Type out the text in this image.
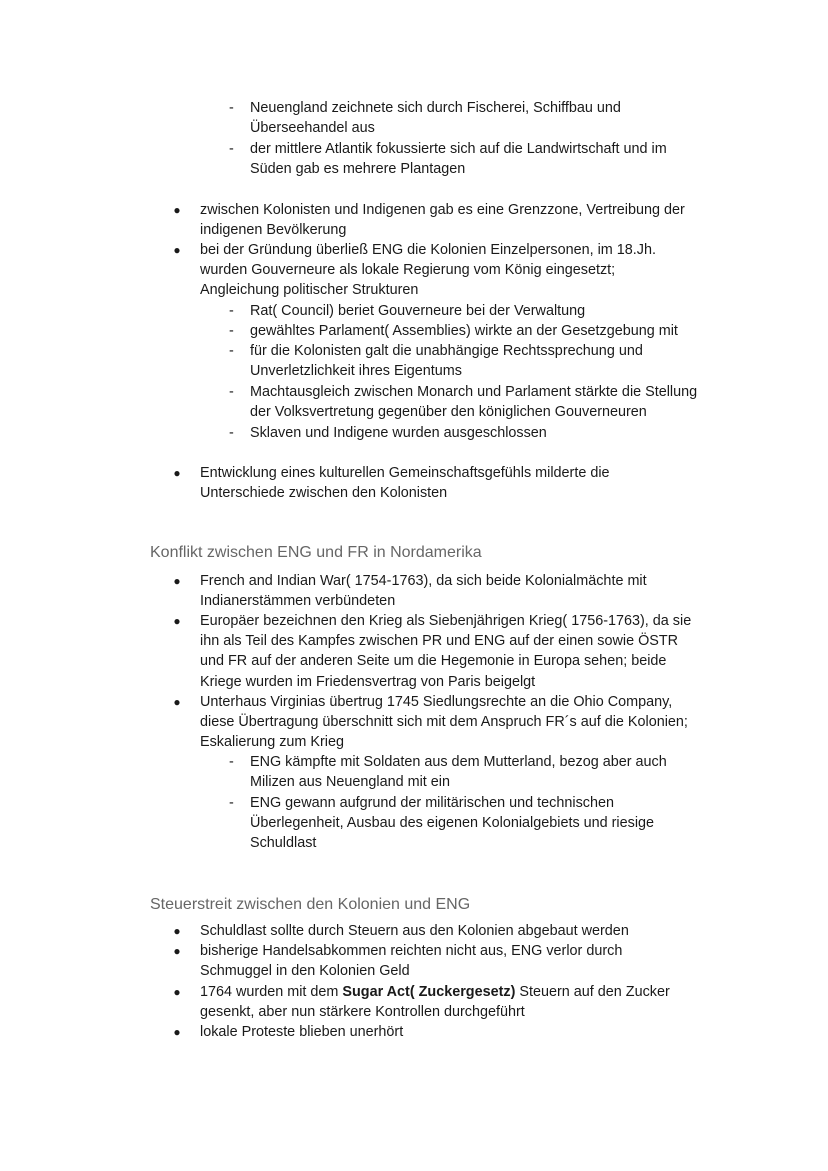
- Neuengland zeichnete sich durch Fischerei, Schiffbau und
Überseehandel aus
- der mittlere Atlantik fokussierte sich auf die Landwirtschaft und im
Süden gab es mehrere Plantagen
● zwischen Kolonisten und Indigenen gab es eine Grenzzone, Vertreibung der
indigenen Bevölkerung
● bei der Gründung überließ ENG die Kolonien Einzelpersonen, im 18.Jh.
wurden Gouverneure als lokale Regierung vom König eingesetzt;
Angleichung politischer Strukturen
- Rat( Council) beriet Gouverneure bei der Verwaltung
- gewähltes Parlament( Assemblies) wirkte an der Gesetzgebung mit
- für die Kolonisten galt die unabhängige Rechtssprechung und
Unverletzlichkeit ihres Eigentums
- Machtausgleich zwischen Monarch und Parlament stärkte die Stellung
der Volksvertretung gegenüber den königlichen Gouverneuren
- Sklaven und Indigene wurden ausgeschlossen
● Entwicklung eines kulturellen Gemeinschaftsgefühls milderte die
Unterschiede zwischen den Kolonisten
Konflikt zwischen ENG und FR in Nordamerika
● French and Indian War( 1754-1763), da sich beide Kolonialmächte mit
Indianerstämmen verbündeten
● Europäer bezeichnen den Krieg als Siebenjährigen Krieg( 1756-1763), da sie
ihn als Teil des Kampfes zwischen PR und ENG auf der einen sowie ÖSTR
und FR auf der anderen Seite um die Hegemonie in Europa sehen; beide
Kriege wurden im Friedensvertrag von Paris beigelgt
● Unterhaus Virginias übertrug 1745 Siedlungsrechte an die Ohio Company,
diese Übertragung überschnitt sich mit dem Anspruch FR´s auf die Kolonien;
Eskalierung zum Krieg
- ENG kämpfte mit Soldaten aus dem Mutterland, bezog aber auch
Milizen aus Neuengland mit ein
- ENG gewann aufgrund der militärischen und technischen
Überlegenheit, Ausbau des eigenen Kolonialgebiets und riesige
Schuldlast
Steuerstreit zwischen den Kolonien und ENG
● Schuldlast sollte durch Steuern aus den Kolonien abgebaut werden
● bisherige Handelsabkommen reichten nicht aus, ENG verlor durch
Schmuggel in den Kolonien Geld
● 1764 wurden mit dem Sugar Act( Zuckergesetz) Steuern auf den Zucker
gesenkt, aber nun stärkere Kontrollen durchgeführt
● lokale Proteste blieben unerhört
